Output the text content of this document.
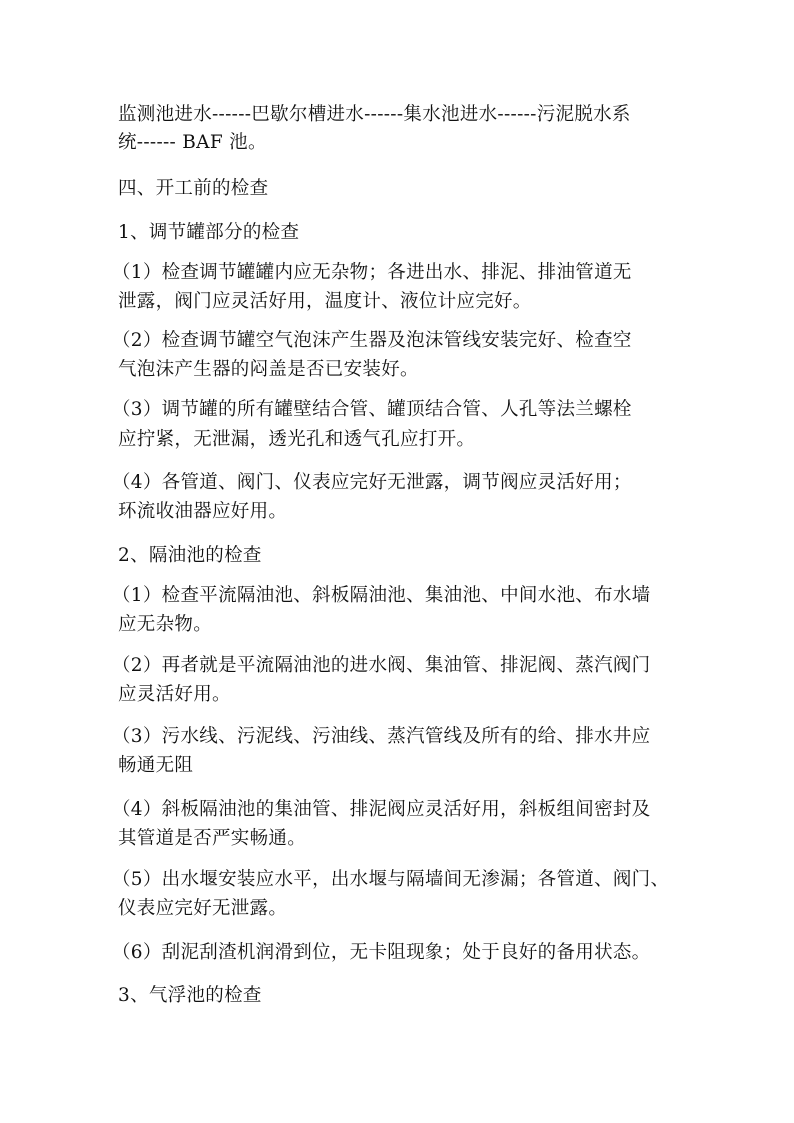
监测池进水------巴歇尔槽进水------集水池进水------污泥脱水系
统------ BAF 池。
四、开工前的检查
1、调节罐部分的检查
（1）检查调节罐罐内应无杂物；各进出水、排泥、排油管道无
泄露，阀门应灵活好用，温度计、液位计应完好。
（2）检查调节罐空气泡沫产生器及泡沫管线安装完好、检查空
气泡沫产生器的闷盖是否已安装好。
（3）调节罐的所有罐壁结合管、罐顶结合管、人孔等法兰螺栓
应拧紧，无泄漏，透光孔和透气孔应打开。
（4）各管道、阀门、仪表应完好无泄露，调节阀应灵活好用；
环流收油器应好用。
2、隔油池的检查
（1）检查平流隔油池、斜板隔油池、集油池、中间水池、布水墙
应无杂物。
（2）再者就是平流隔油池的进水阀、集油管、排泥阀、蒸汽阀门
应灵活好用。
（3）污水线、污泥线、污油线、蒸汽管线及所有的给、排水井应
畅通无阻
（4）斜板隔油池的集油管、排泥阀应灵活好用，斜板组间密封及
其管道是否严实畅通。
（5）出水堰安装应水平，出水堰与隔墙间无渗漏；各管道、阀门、
仪表应完好无泄露。
（6）刮泥刮渣机润滑到位，无卡阻现象；处于良好的备用状态。
3、气浮池的检查
